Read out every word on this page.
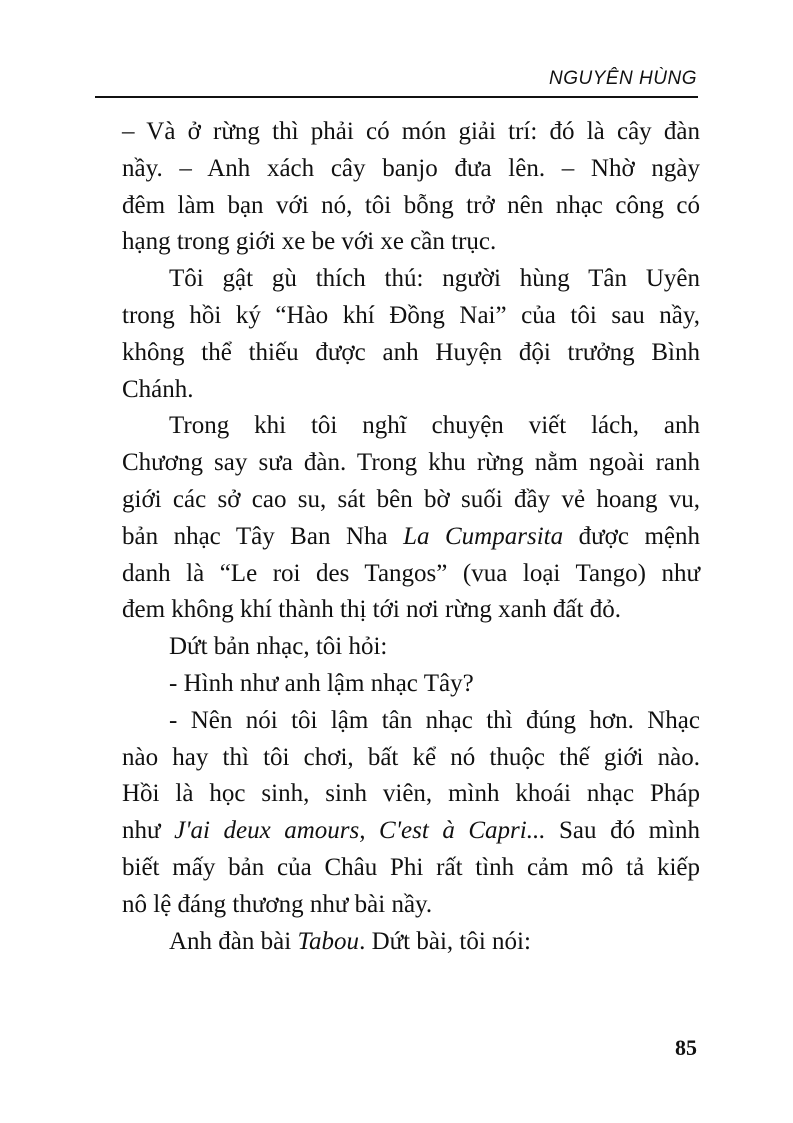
NGUYÊN HÙNG
– Và ở rừng thì phải có món giải trí: đó là cây đàn
nầy. – Anh xách cây banjo đưa lên. – Nhờ ngày
đêm làm bạn với nó, tôi bỗng trở nên nhạc công có
hạng trong giới xe be với xe cần trục.
Tôi gật gù thích thú: người hùng Tân Uyên
trong hồi ký “Hào khí Đồng Nai” của tôi sau nầy,
không thể thiếu được anh Huyện đội trưởng Bình
Chánh.
Trong khi tôi nghĩ chuyện viết lách, anh
Chương say sưa đàn. Trong khu rừng nằm ngoài ranh
giới các sở cao su, sát bên bờ suối đầy vẻ hoang vu,
bản nhạc Tây Ban Nha La Cumparsita được mệnh
danh là “Le roi des Tangos” (vua loại Tango) như
đem không khí thành thị tới nơi rừng xanh đất đỏ.
Dứt bản nhạc, tôi hỏi:
- Hình như anh lậm nhạc Tây?
- Nên nói tôi lậm tân nhạc thì đúng hơn. Nhạc
nào hay thì tôi chơi, bất kể nó thuộc thế giới nào.
Hồi là học sinh, sinh viên, mình khoái nhạc Pháp
như J'ai deux amours, C'est à Capri... Sau đó mình
biết mấy bản của Châu Phi rất tình cảm mô tả kiếp
nô lệ đáng thương như bài nầy.
Anh đàn bài Tabou. Dứt bài, tôi nói:
85
